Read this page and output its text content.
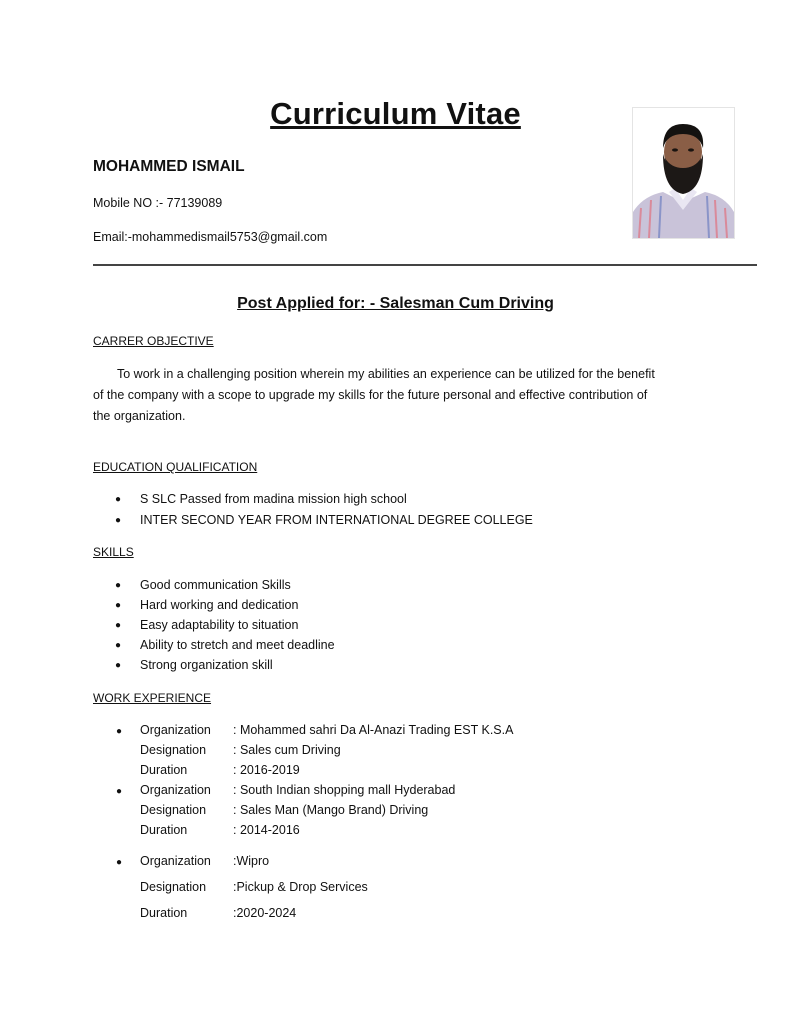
Curriculum Vitae
MOHAMMED ISMAIL
Mobile NO :- 77139089
Email:-mohammedismail5753@gmail.com
Post Applied for: - Salesman Cum Driving
CARRER OBJECTIVE
To work in a challenging position wherein my abilities an experience can be utilized for the benefit
of the company with a scope to upgrade my skills for the future personal and effective contribution of
the organization.
EDUCATION QUALIFICATION
● S SLC Passed from madina mission high school
● INTER SECOND YEAR FROM INTERNATIONAL DEGREE COLLEGE
SKILLS
● Good communication Skills
● Hard working and dedication
● Easy adaptability to situation
● Ability to stretch and meet deadline
● Strong organization skill
WORK EXPERIENCE
● Organization : Mohammed sahri Da Al-Anazi Trading EST K.S.A
Designation : Sales cum Driving
Duration	: 2016-2019
● Organization : South Indian shopping mall Hyderabad
Designation : Sales Man (Mango Brand) Driving
Duration	: 2014-2016
● Organization :Wipro
Designation :Pickup & Drop Services
Duration	:2020-2024
